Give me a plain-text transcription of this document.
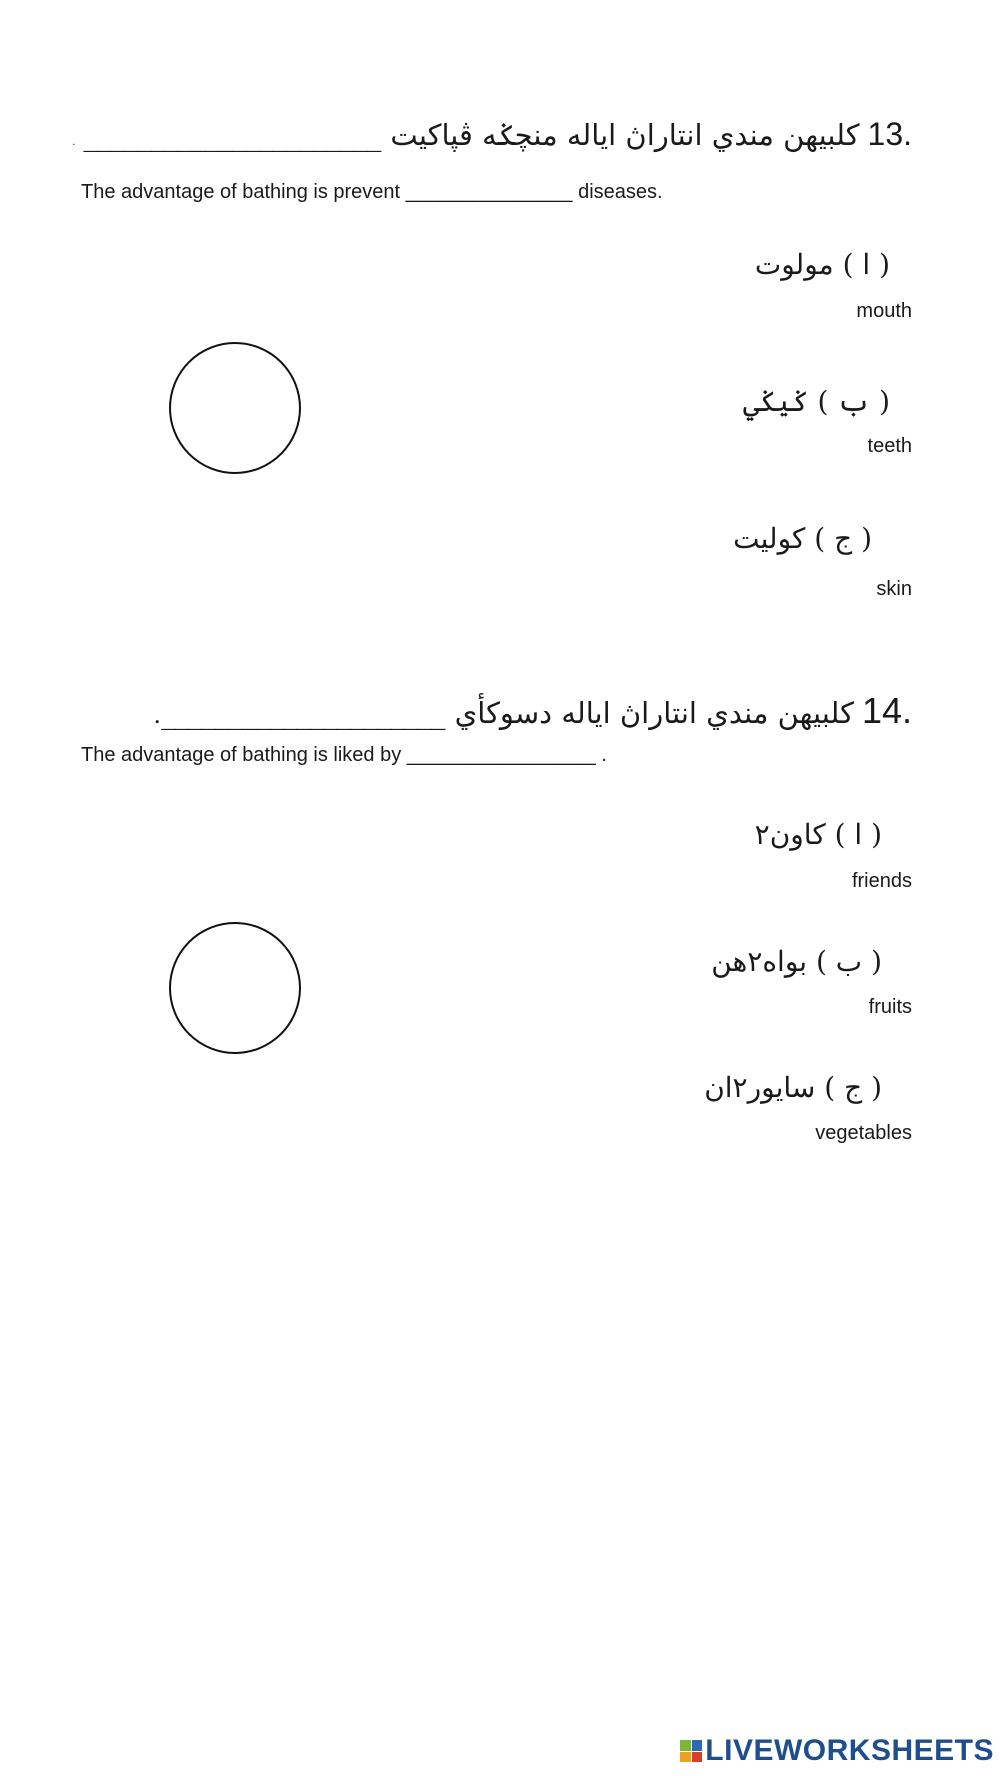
. ______________________ كلبيهن مندي انتاراڽ اياله منچݢه ڤپاکيت 13.
The advantage of bathing is prevent _______________ diseases.
( ا ) مولوت
mouth
( ب ) ݢيݢي
teeth
( ج ) کوليت
skin
. _____________________ كلبيهن مندي انتاراڽ اياله دسوکأي 14.
The advantage of bathing is liked by _________________ .
( ا ) کاون٢
friends
( ب ) بواه٢هن
fruits
( ج ) سايور٢ان
vegetables
LIVEWORKSHEETS
